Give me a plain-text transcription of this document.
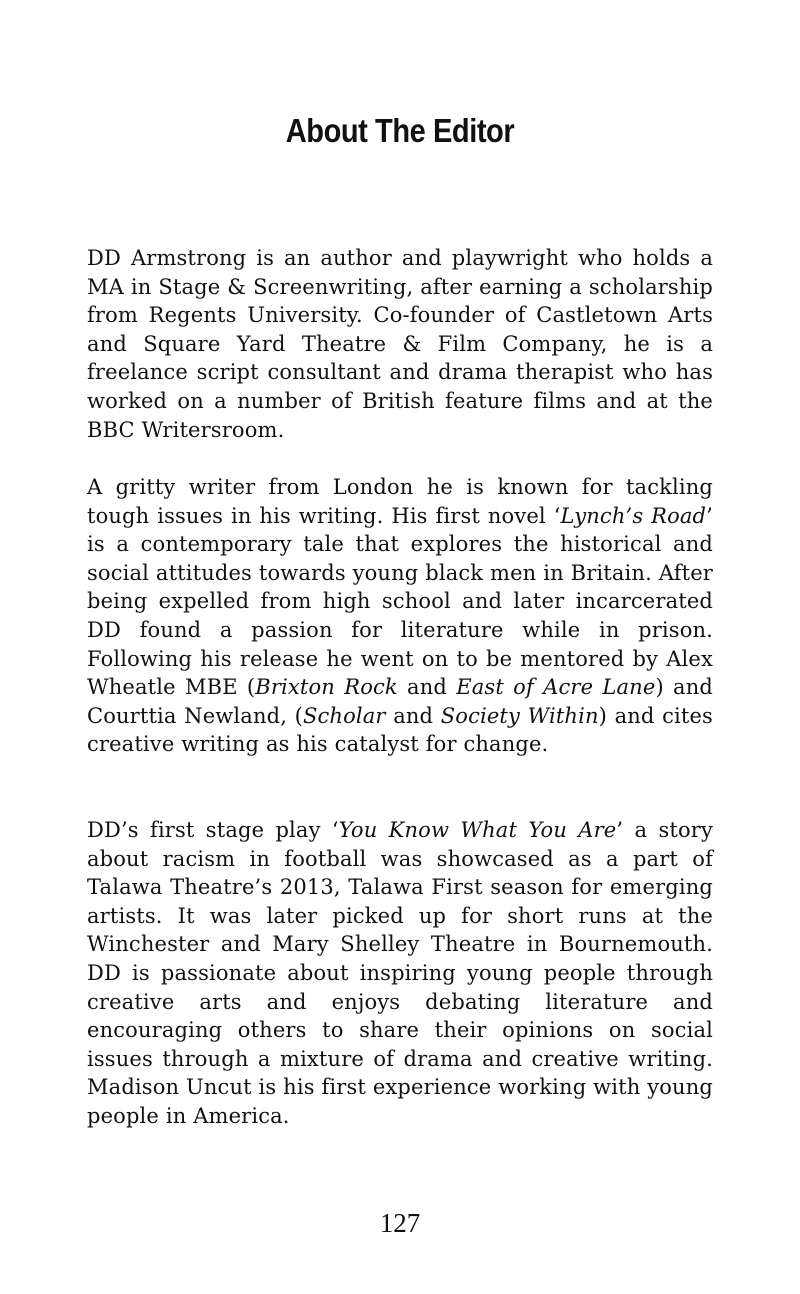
About The Editor

DD Armstrong is an author and playwright who holds a MA in Stage & Screenwriting, after earning a scholarship from Regents University. Co-founder of Castletown Arts and Square Yard Theatre & Film Company, he is a freelance script consultant and drama therapist who has worked on a number of British feature films and at the BBC Writersroom.

A gritty writer from London he is known for tackling tough issues in his writing. His first novel ‘Lynch’s Road’ is a contemporary tale that explores the historical and social attitudes towards young black men in Britain. After being expelled from high school and later incarcerated DD found a passion for literature while in prison. Following his release he went on to be mentored by Alex Wheatle MBE (Brixton Rock and East of Acre Lane) and Courttia Newland, (Scholar and Society Within) and cites creative writing as his catalyst for change.

DD’s first stage play ‘You Know What You Are’ a story about racism in football was showcased as a part of Talawa Theatre’s 2013, Talawa First season for emerging artists. It was later picked up for short runs at the Winchester and Mary Shelley Theatre in Bournemouth. DD is passionate about inspiring young people through creative arts and enjoys debating literature and encouraging others to share their opinions on social issues through a mixture of drama and creative writing. Madison Uncut is his first experience working with young people in America.

127
